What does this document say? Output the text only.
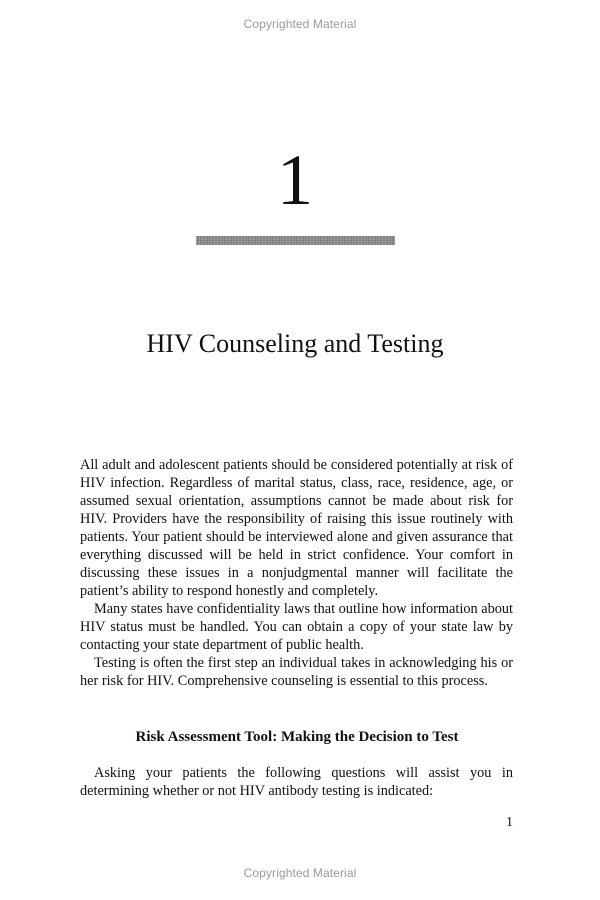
Copyrighted Material
1
HIV Counseling and Testing

All adult and adolescent patients should be considered potentially at risk of HIV infection. Regardless of marital status, class, race, residence, age, or assumed sexual orientation, assumptions cannot be made about risk for HIV. Providers have the responsibility of raising this issue routinely with patients. Your patient should be interviewed alone and given assurance that everything discussed will be held in strict confidence. Your comfort in discussing these issues in a nonjudgmental manner will facilitate the patient’s ability to respond honestly and completely.

Many states have confidentiality laws that outline how information about HIV status must be handled. You can obtain a copy of your state law by contacting your state department of public health.

Testing is often the first step an individual takes in acknowledging his or her risk for HIV. Comprehensive counseling is essential to this process.

Risk Assessment Tool: Making the Decision to Test

Asking your patients the following questions will assist you in determining whether or not HIV antibody testing is indicated:

1
Copyrighted Material
